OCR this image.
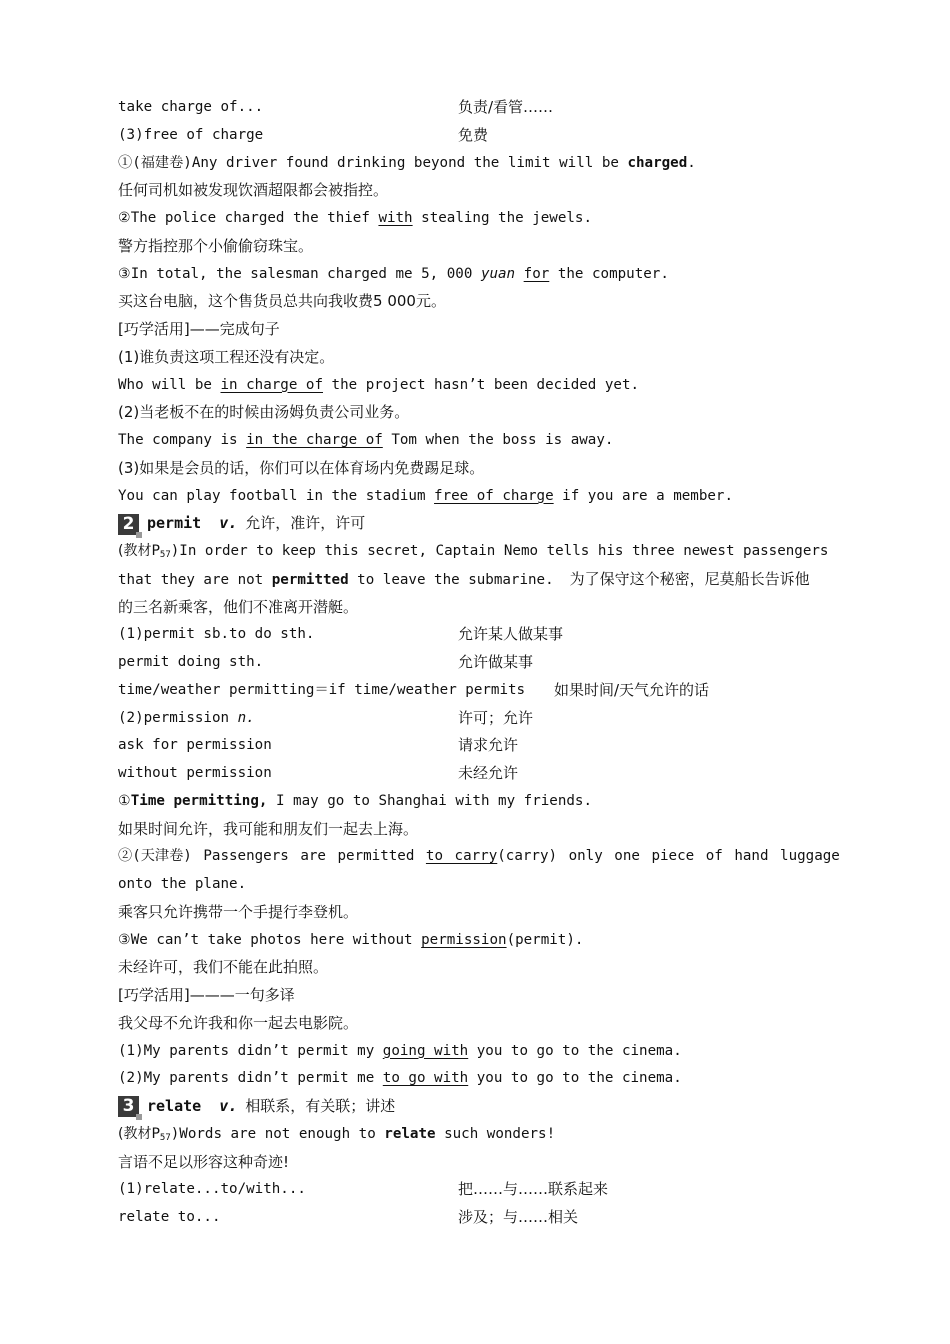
take charge of...	负责/看管……
(3)free of charge	免费
①(福建卷)Any driver found drinking beyond the limit will be charged.
任何司机如被发现饮酒超限都会被指控。
②The police charged the thief with stealing the jewels.
警方指控那个小偷偷窃珠宝。
③In total, the salesman charged me 5, 000 yuan for the computer.
买这台电脑，这个售货员总共向我收费5 000元。
[巧学活用]——完成句子
(1)谁负责这项工程还没有决定。
Who will be in charge of the project hasn’t been decided yet.
(2)当老板不在的时候由汤姆负责公司业务。
The company is in the charge of Tom when the boss is away.
(3)如果是会员的话，你们可以在体育场内免费踢足球。
You can play football in the stadium free of charge if you are a member.
2 permit v. 允许，准许，许可
(教材$P_{57})In$ order to keep this secret, Captain Nemo tells his three newest passengers
that they are not permitted to leave the submarine. 为了保守这个秘密，尼莫船长告诉他
的三名新乘客，他们不准离开潜艇。
(1)permit sb.to do sth.	允许某人做某事
permit doing sth.	允许做某事
time/weather permitting＝if time/weather permits 如果时间/天气允许的话
(2)permission n.	许可；允许
ask for permission	请求允许
without permission	未经允许
①Time permitting, I may go to Shanghai with my friends.
如果时间允许，我可能和朋友们一起去上海。
②(天津卷) Passengers are permitted to carry(carry) only one piece of hand luggage
onto the plane.
乘客只允许携带一个手提行李登机。
③We can’t take photos here without permission(permit).
未经许可，我们不能在此拍照。
[巧学活用]———一句多译
我父母不允许我和你一起去电影院。
(1)My parents didn’t permit my going with you to go to the cinema.
(2)My parents didn’t permit me to go with you to go to the cinema.
3 relate v. 相联系，有关联；讲述
(教材$P_{57})Words$ are not enough to relate such wonders!
言语不足以形容这种奇迹!
(1)relate...to/with...	把……与……联系起来
relate to...	涉及；与……相关
